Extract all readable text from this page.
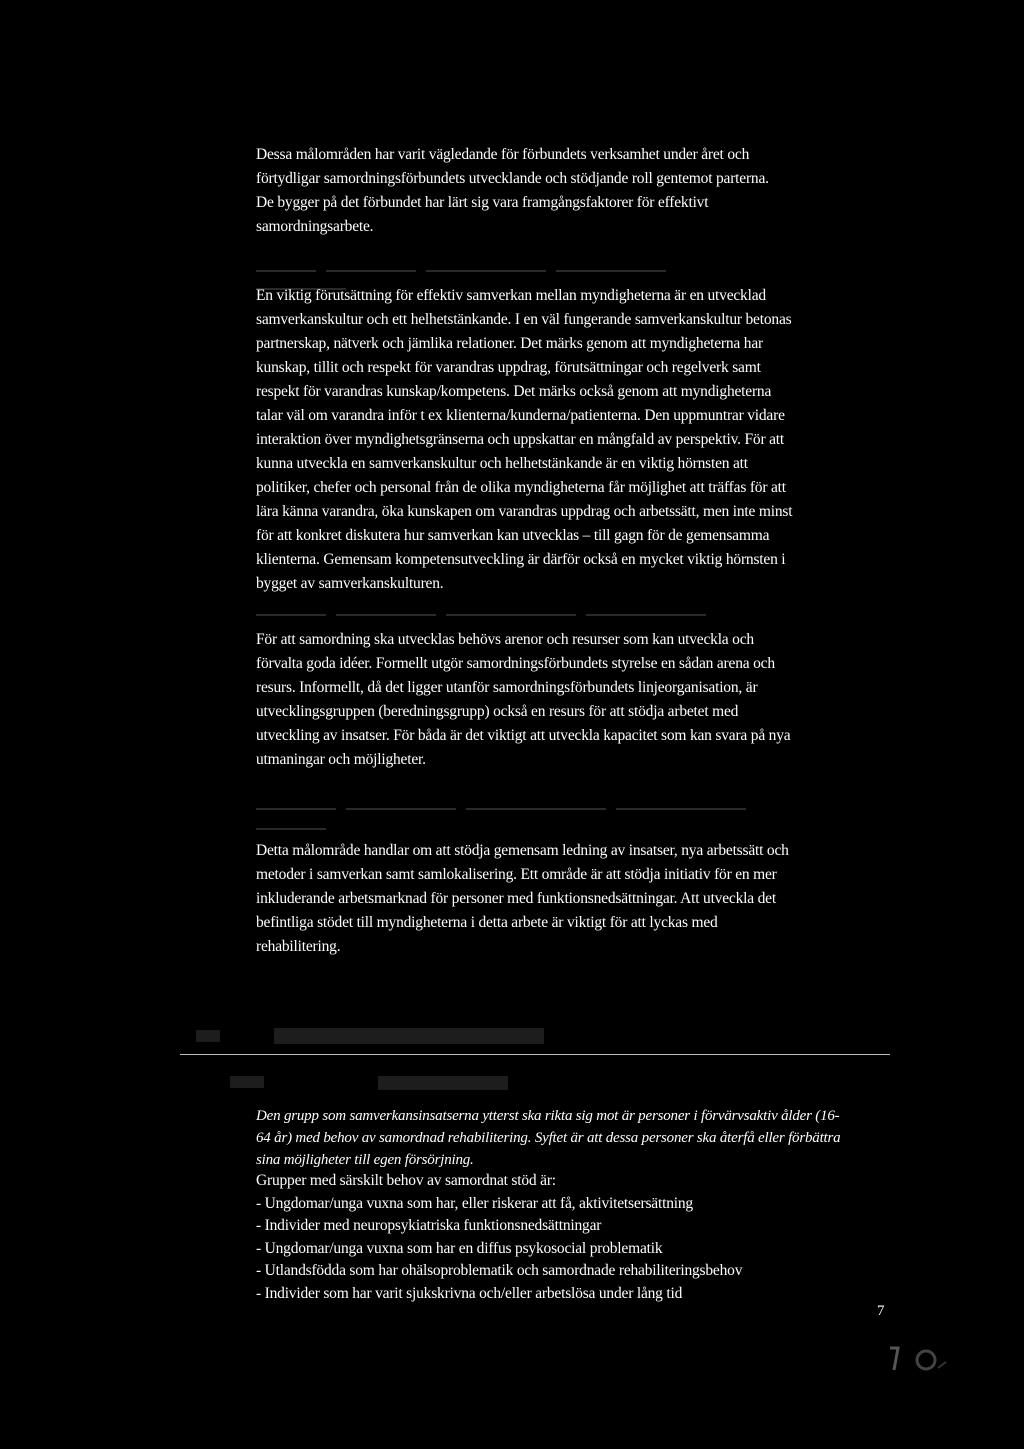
Dessa målområden har varit vägledande för förbundets verksamhet under året och
förtydligar samordningsförbundets utvecklande och stödjande roll gentemot parterna.
De bygger på det förbundet har lärt sig vara framgångsfaktorer för effektivt
samordningsarbete.
En viktig förutsättning för effektiv samverkan mellan myndigheterna är en utvecklad
samverkanskultur och ett helhetstänkande. I en väl fungerande samverkanskultur betonas
partnerskap, nätverk och jämlika relationer. Det märks genom att myndigheterna har
kunskap, tillit och respekt för varandras uppdrag, förutsättningar och regelverk samt
respekt för varandras kunskap/kompetens. Det märks också genom att myndigheterna
talar väl om varandra inför t ex klienterna/kunderna/patienterna. Den uppmuntrar vidare
interaktion över myndighetsgränserna och uppskattar en mångfald av perspektiv. För att
kunna utveckla en samverkanskultur och helhetstänkande är en viktig hörnsten att
politiker, chefer och personal från de olika myndigheterna får möjlighet att träffas för att
lära känna varandra, öka kunskapen om varandras uppdrag och arbetssätt, men inte minst
för att konkret diskutera hur samverkan kan utvecklas – till gagn för de gemensamma
klienterna. Gemensam kompetensutveckling är därför också en mycket viktig hörnsten i
bygget av samverkanskulturen.
För att samordning ska utvecklas behövs arenor och resurser som kan utveckla och
förvalta goda idéer. Formellt utgör samordningsförbundets styrelse en sådan arena och
resurs. Informellt, då det ligger utanför samordningsförbundets linjeorganisation, är
utvecklingsgruppen (beredningsgrupp) också en resurs för att stödja arbetet med
utveckling av insatser. För båda är det viktigt att utveckla kapacitet som kan svara på nya
utmaningar och möjligheter.
Detta målområde handlar om att stödja gemensam ledning av insatser, nya arbetssätt och
metoder i samverkan samt samlokalisering. Ett område är att stödja initiativ för en mer
inkluderande arbetsmarknad för personer med funktionsnedsättningar. Att utveckla det
befintliga stödet till myndigheterna i detta arbete är viktigt för att lyckas med
rehabilitering.
Den grupp som samverkansinsatserna ytterst ska rikta sig mot är personer i förvärvsaktiv ålder (16-
64 år) med behov av samordnad rehabilitering. Syftet är att dessa personer ska återfå eller förbättra
sina möjligheter till egen försörjning.
Grupper med särskilt behov av samordnat stöd är:
- Ungdomar/unga vuxna som har, eller riskerar att få, aktivitetsersättning
- Individer med neuropsykiatriska funktionsnedsättningar
- Ungdomar/unga vuxna som har en diffus psykosocial problematik
- Utlandsfödda som har ohälsoproblematik och samordnade rehabiliteringsbehov
- Individer som har varit sjukskrivna och/eller arbetslösa under lång tid
7
